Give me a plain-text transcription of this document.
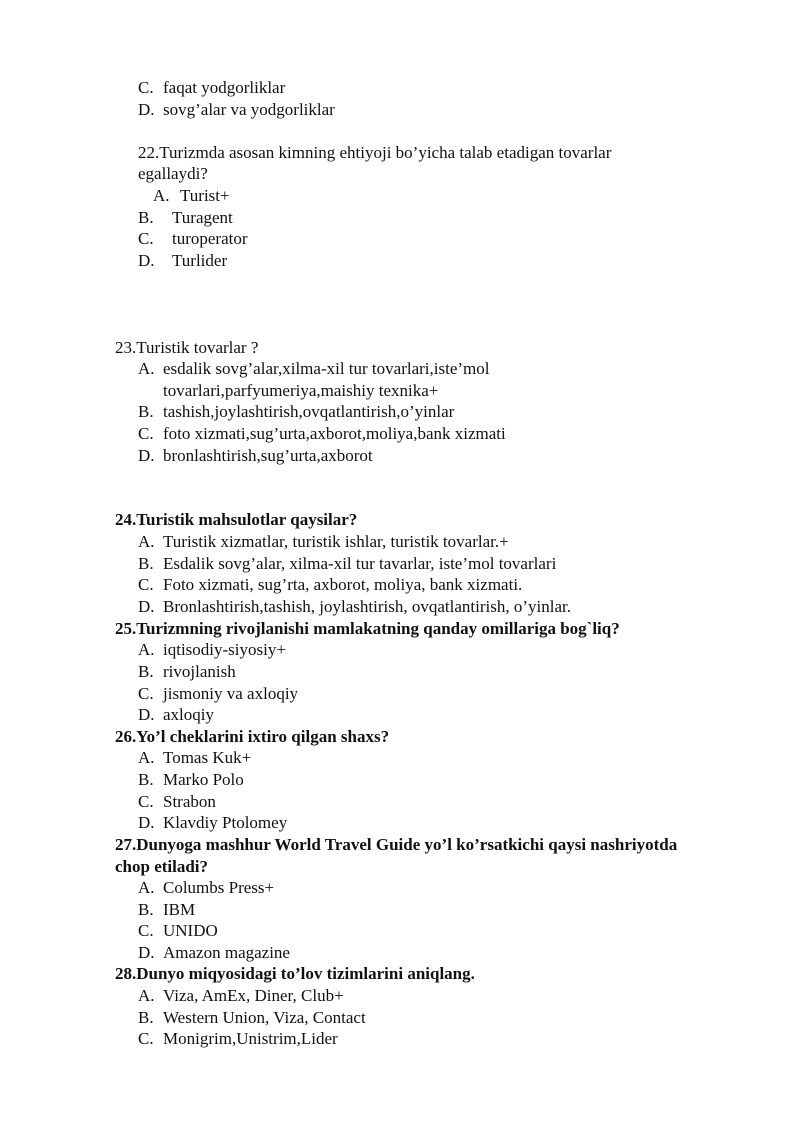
C. faqat yodgorliklar
D. sovg’alar va yodgorliklar
22.Turizmda asosan kimning ehtiyoji bo’yicha talab etadigan tovarlar
egallaydi?
A. Turist+
B.	Turagent
C.	turoperator
D.	Turlider
23.Turistik tovarlar ?
A. esdalik sovg’alar,xilma-xil tur tovarlari,iste’mol
tovarlari,parfyumeriya,maishiy texnika+
B. tashish,joylashtirish,ovqatlantirish,o’yinlar
C. foto xizmati,sug’urta,axborot,moliya,bank xizmati
D. bronlashtirish,sug’urta,axborot
24.Turistik mahsulotlar qaysilar?
A. Turistik xizmatlar, turistik ishlar, turistik tovarlar.+
B. Esdalik sovg’alar, xilma-xil tur tavarlar, iste’mol tovarlari
C. Foto xizmati, sug’rta, axborot, moliya, bank xizmati.
D. Bronlashtirish,tashish, joylashtirish, ovqatlantirish, o’yinlar.
25.Turizmning rivojlanishi mamlakatning qanday omillariga bog`liq?
A. iqtisodiy-siyosiy+
B. rivojlanish
C. jismoniy va axloqiy
D. axloqiy
26.Yo’l cheklarini ixtiro qilgan shaxs?
A. Tomas Kuk+
B. Marko Polo
C. Strabon
D. Klavdiy Ptolomey
27.Dunyoga mashhur World Travel Guide yo’l ko’rsatkichi qaysi nashriyotda
chop etiladi?
A. Columbs Press+
B. IBM
C. UNIDO
D. Amazon magazine
28.Dunyo miqyosidagi to’lov tizimlarini aniqlang.
A. Viza, AmEx, Diner, Club+
B. Western Union, Viza, Contact
C. Monigrim,Unistrim,Lider
